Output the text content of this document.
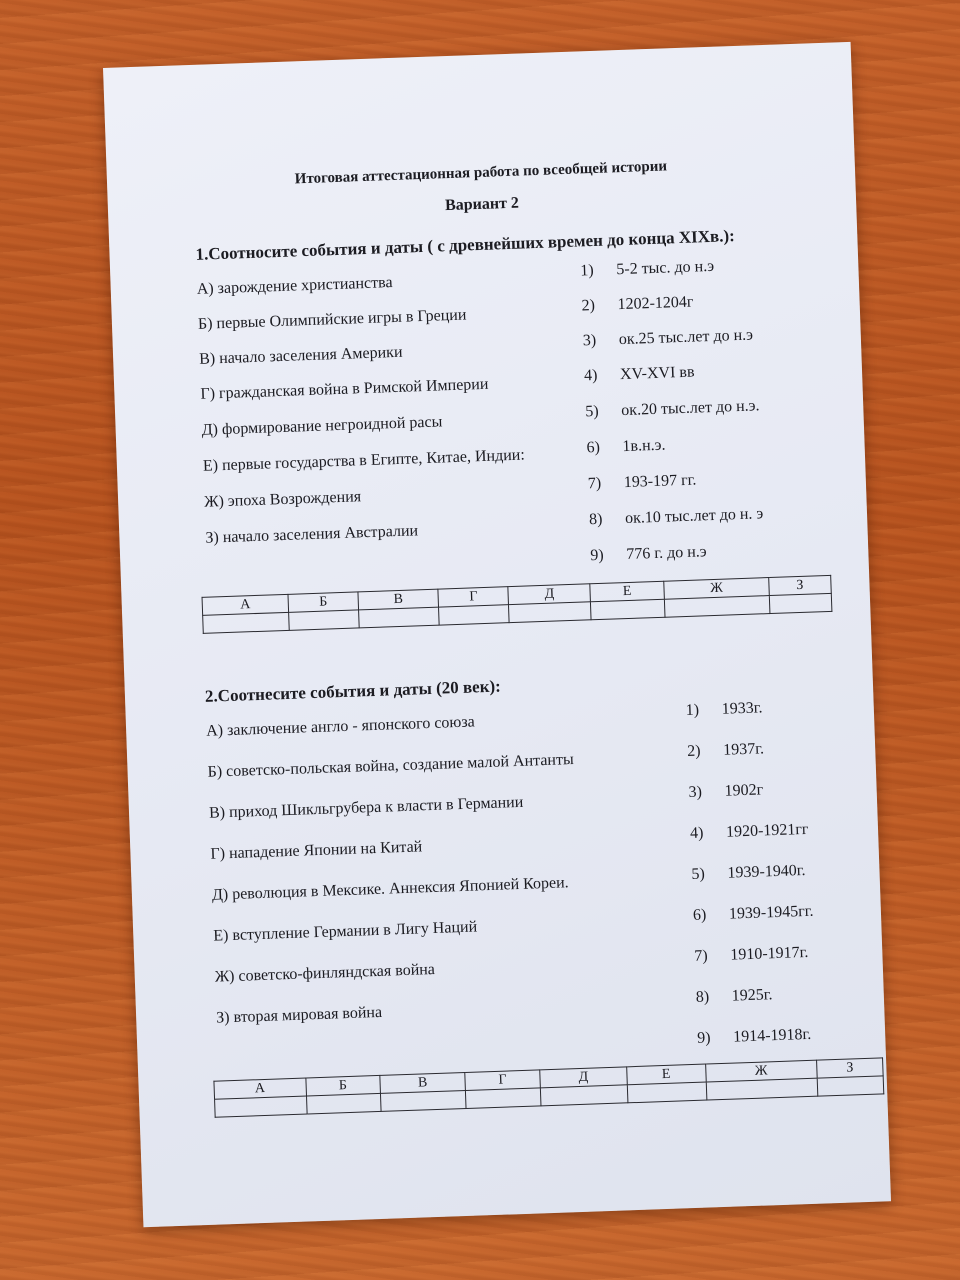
Итоговая аттестационная работа по всеобщей истории
Вариант 2
1.Соотносите события и даты ( с древнейших времен до конца XIXв.):
А) зарождение христианства
Б) первые Олимпийские игры в Греции
В) начало заселения Америки
Г) гражданская война в Римской Империи
Д) формирование негроидной расы
Е) первые государства в Египте, Китае, Индии:
Ж) эпоха Возрождения
З) начало заселения Австралии
1) 5-2 тыс. до н.э
2) 1202-1204г
3) ок.25 тыс.лет до н.э
4) XV-XVI вв
5) ок.20 тыс.лет до н.э.
6) 1в.н.э.
7) 193-197 гг.
8) ок.10 тыс.лет до н. э
9) 776 г. до н.э
А	Б	В	Г	Д	Е	Ж	З

2.Соотнесите события и даты (20 век):
А) заключение англо - японского союза
Б) советско-польская война, создание малой Антанты
В) приход Шикльгрубера к власти в Германии
Г) нападение Японии на Китай
Д) революция в Мексике. Аннексия Японией Кореи.
Е) вступление Германии в Лигу Наций
Ж) советско-финляндская война
З) вторая мировая война
1) 1933г.
2) 1937г.
3) 1902г
4) 1920-1921гг
5) 1939-1940г.
6) 1939-1945гг.
7) 1910-1917г.
8) 1925г.
9) 1914-1918г.
А	Б	В	Г	Д	Е	Ж	З
